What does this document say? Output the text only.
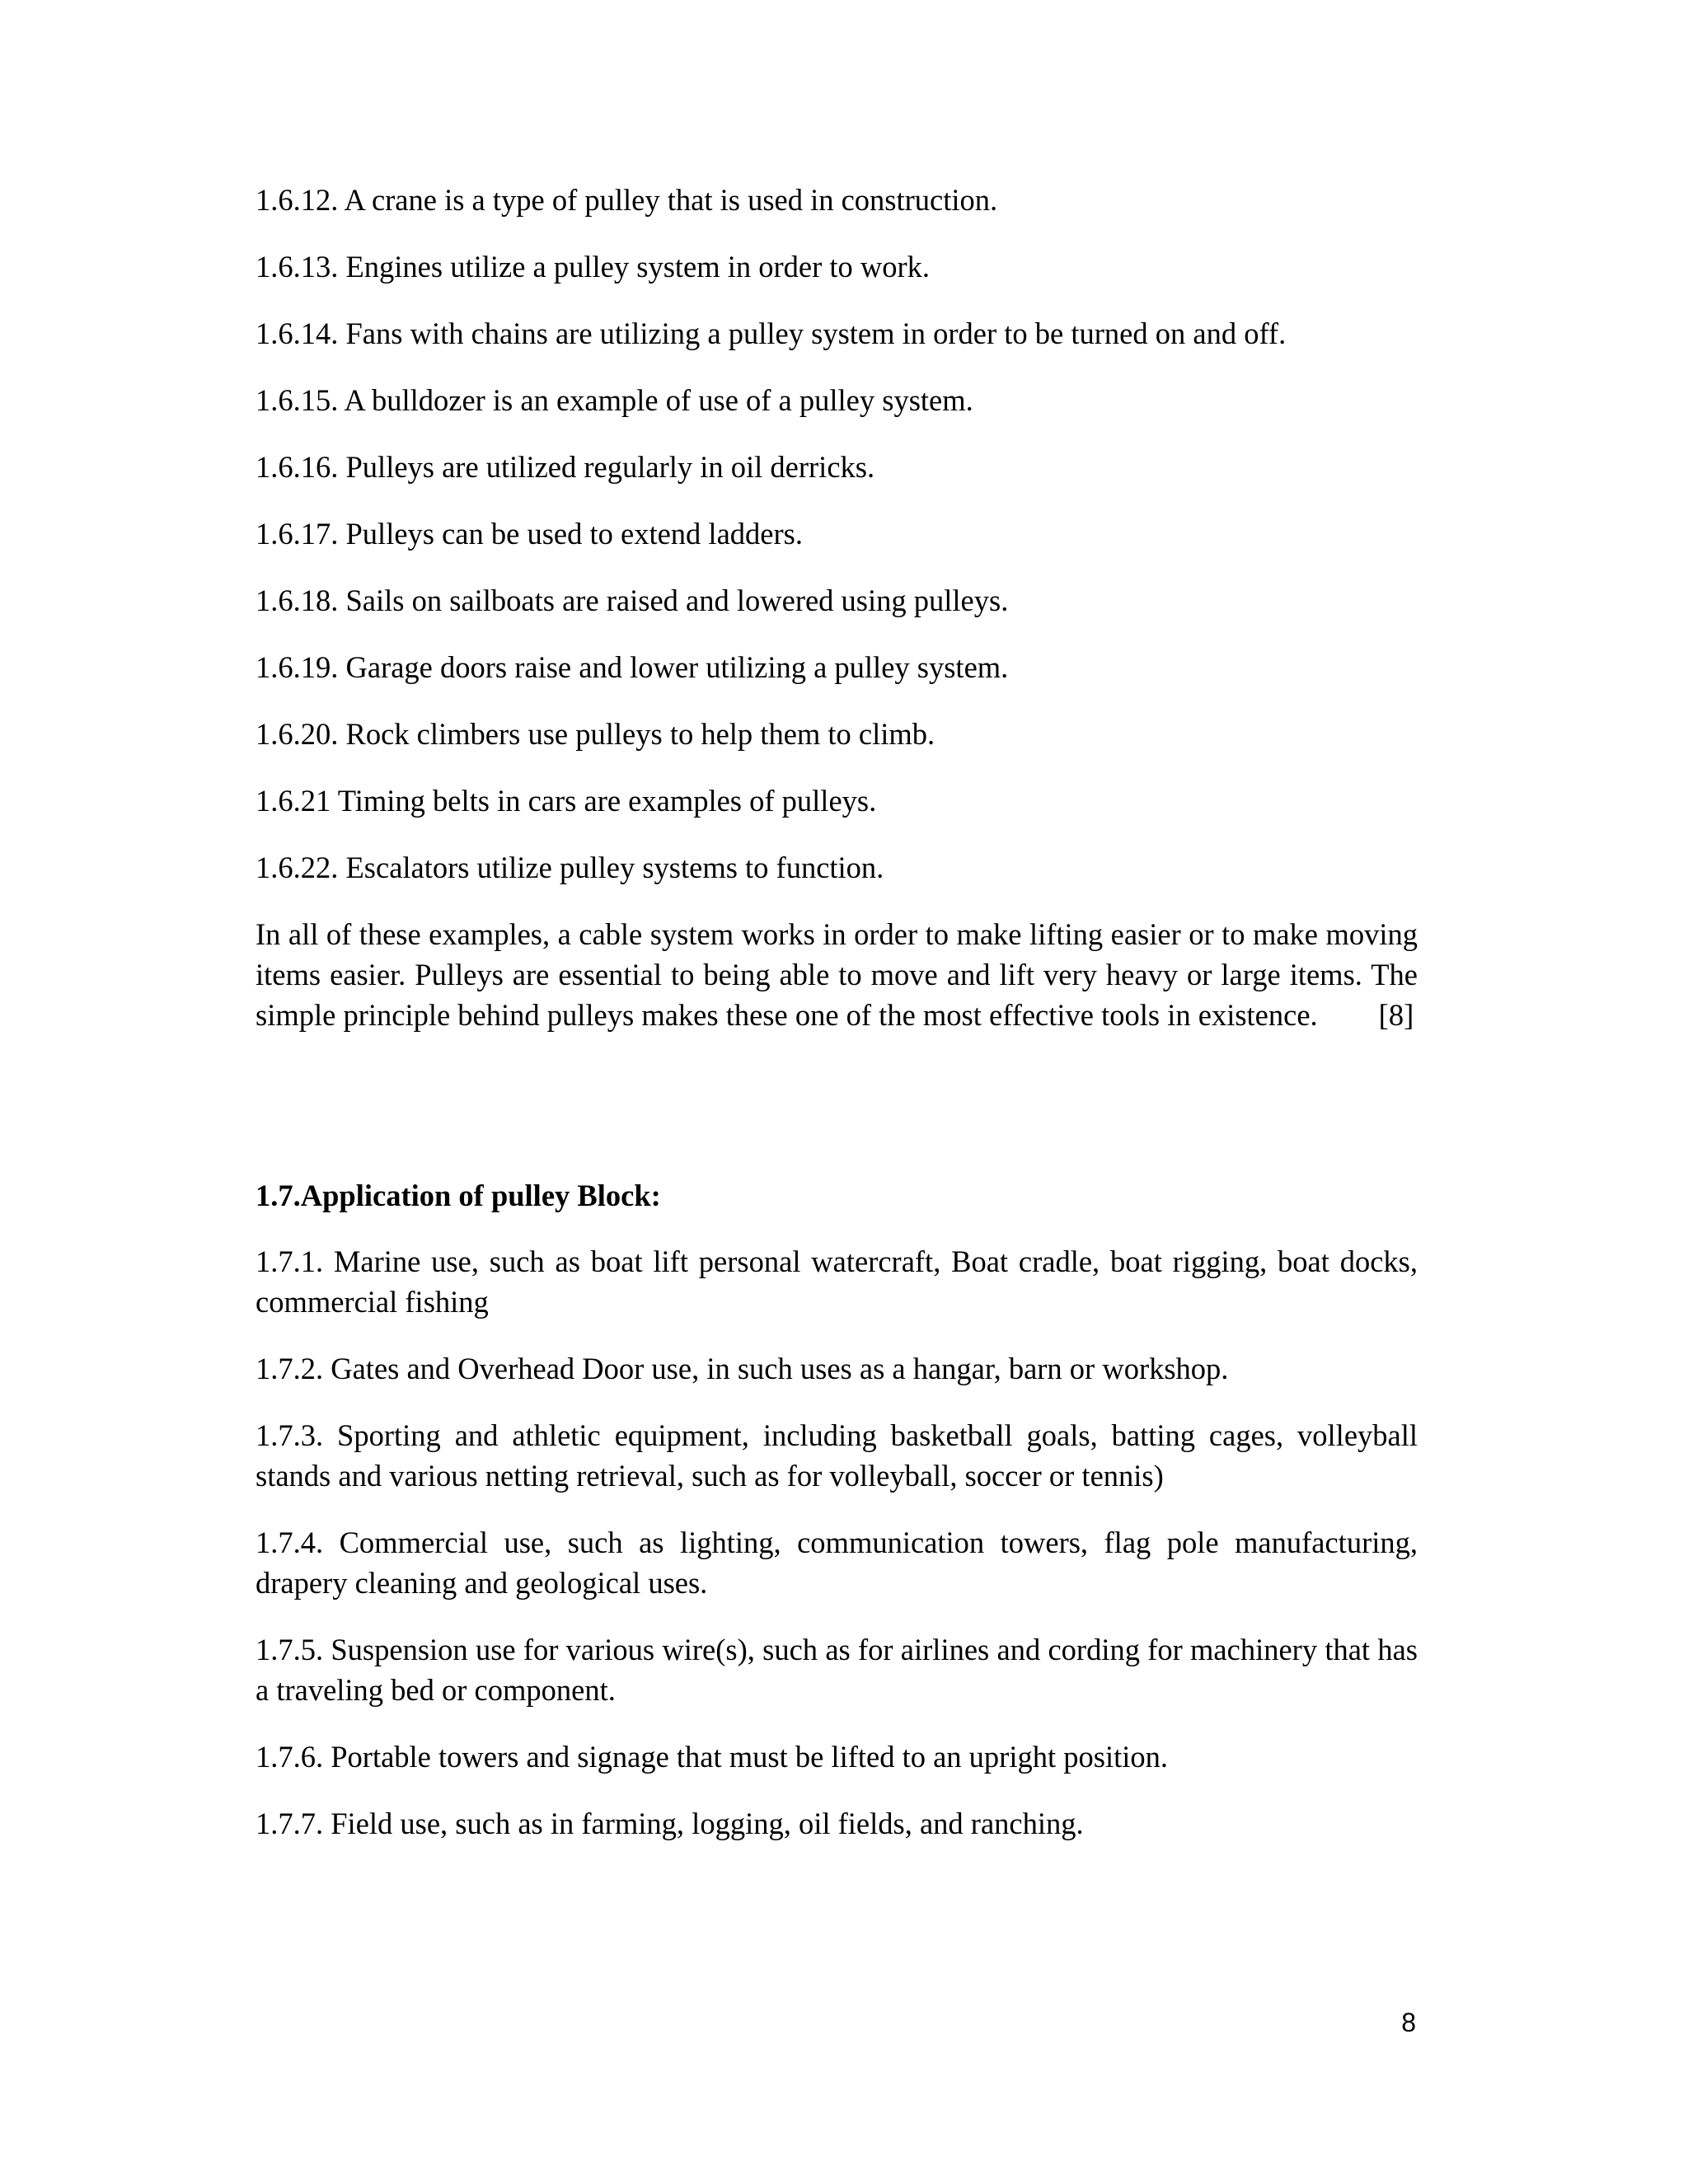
1.6.12. A crane is a type of pulley that is used in construction.

1.6.13. Engines utilize a pulley system in order to work.

1.6.14. Fans with chains are utilizing a pulley system in order to be turned on and off.

1.6.15. A bulldozer is an example of use of a pulley system.

1.6.16. Pulleys are utilized regularly in oil derricks.

1.6.17. Pulleys can be used to extend ladders.

1.6.18. Sails on sailboats are raised and lowered using pulleys.

1.6.19. Garage doors raise and lower utilizing a pulley system.

1.6.20. Rock climbers use pulleys to help them to climb.

1.6.21 Timing belts in cars are examples of pulleys.

1.6.22. Escalators utilize pulley systems to function.

In all of these examples, a cable system works in order to make lifting easier or to make moving items easier. Pulleys are essential to being able to move and lift very heavy or large items. The simple principle behind pulleys makes these one of the most effective tools in existence. [8]

1.7.Application of pulley Block:

1.7.1. Marine use, such as boat lift personal watercraft, Boat cradle, boat rigging, boat docks, commercial fishing

1.7.2. Gates and Overhead Door use, in such uses as a hangar, barn or workshop.

1.7.3. Sporting and athletic equipment, including basketball goals, batting cages, volleyball stands and various netting retrieval, such as for volleyball, soccer or tennis)

1.7.4. Commercial use, such as lighting, communication towers, flag pole manufacturing, drapery cleaning and geological uses.

1.7.5. Suspension use for various wire(s), such as for airlines and cording for machinery that has a traveling bed or component.

1.7.6. Portable towers and signage that must be lifted to an upright position.

1.7.7. Field use, such as in farming, logging, oil fields, and ranching.

8
